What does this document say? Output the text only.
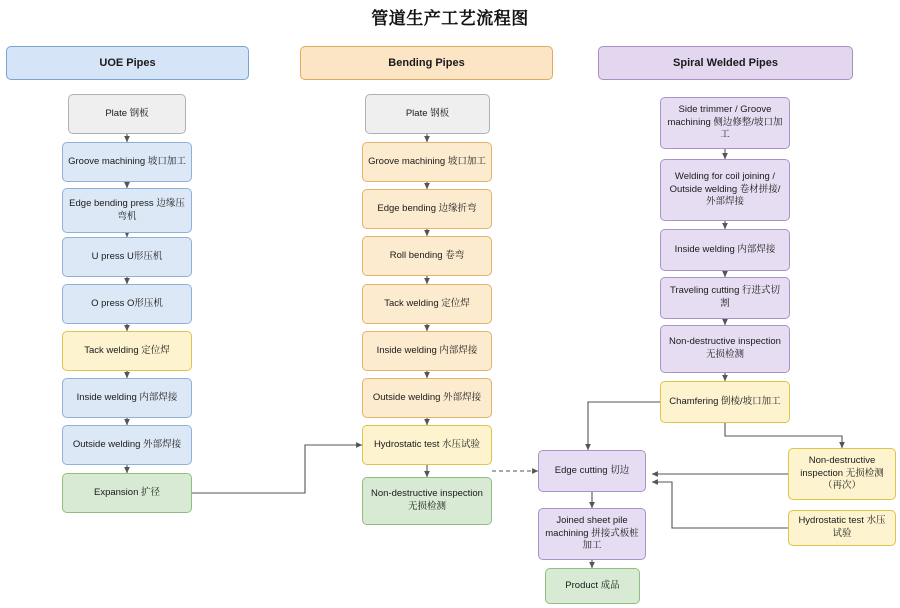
管道生产工艺流程图
UOE Pipes	Bending Pipes	Spiral Welded Pipes
Plate 钢板
Groove machining 坡口加工
Edge bending press 边缘压弯机
U press U形压机
O press O形压机
Tack welding 定位焊
Inside welding 内部焊接
Outside welding 外部焊接
Expansion 扩径
Plate 钢板
Groove machining 坡口加工
Edge bending 边缘折弯
Roll bending 卷弯
Tack welding 定位焊
Inside welding 内部焊接
Outside welding 外部焊接
Hydrostatic test 水压试验
Non-destructive inspection 无损检测
Side trimmer / Groove machining 侧边修整/坡口加工
Welding for coil joining / Outside welding 卷材拼接/外部焊接
Inside welding 内部焊接
Traveling cutting 行进式切割
Non-destructive inspection 无损检测
Chamfering 倒棱/坡口加工
Edge cutting 切边
Joined sheet pile machining 拼接式板桩加工
Product 成品
Non-destructive inspection 无损检测（再次）
Hydrostatic test 水压试验
